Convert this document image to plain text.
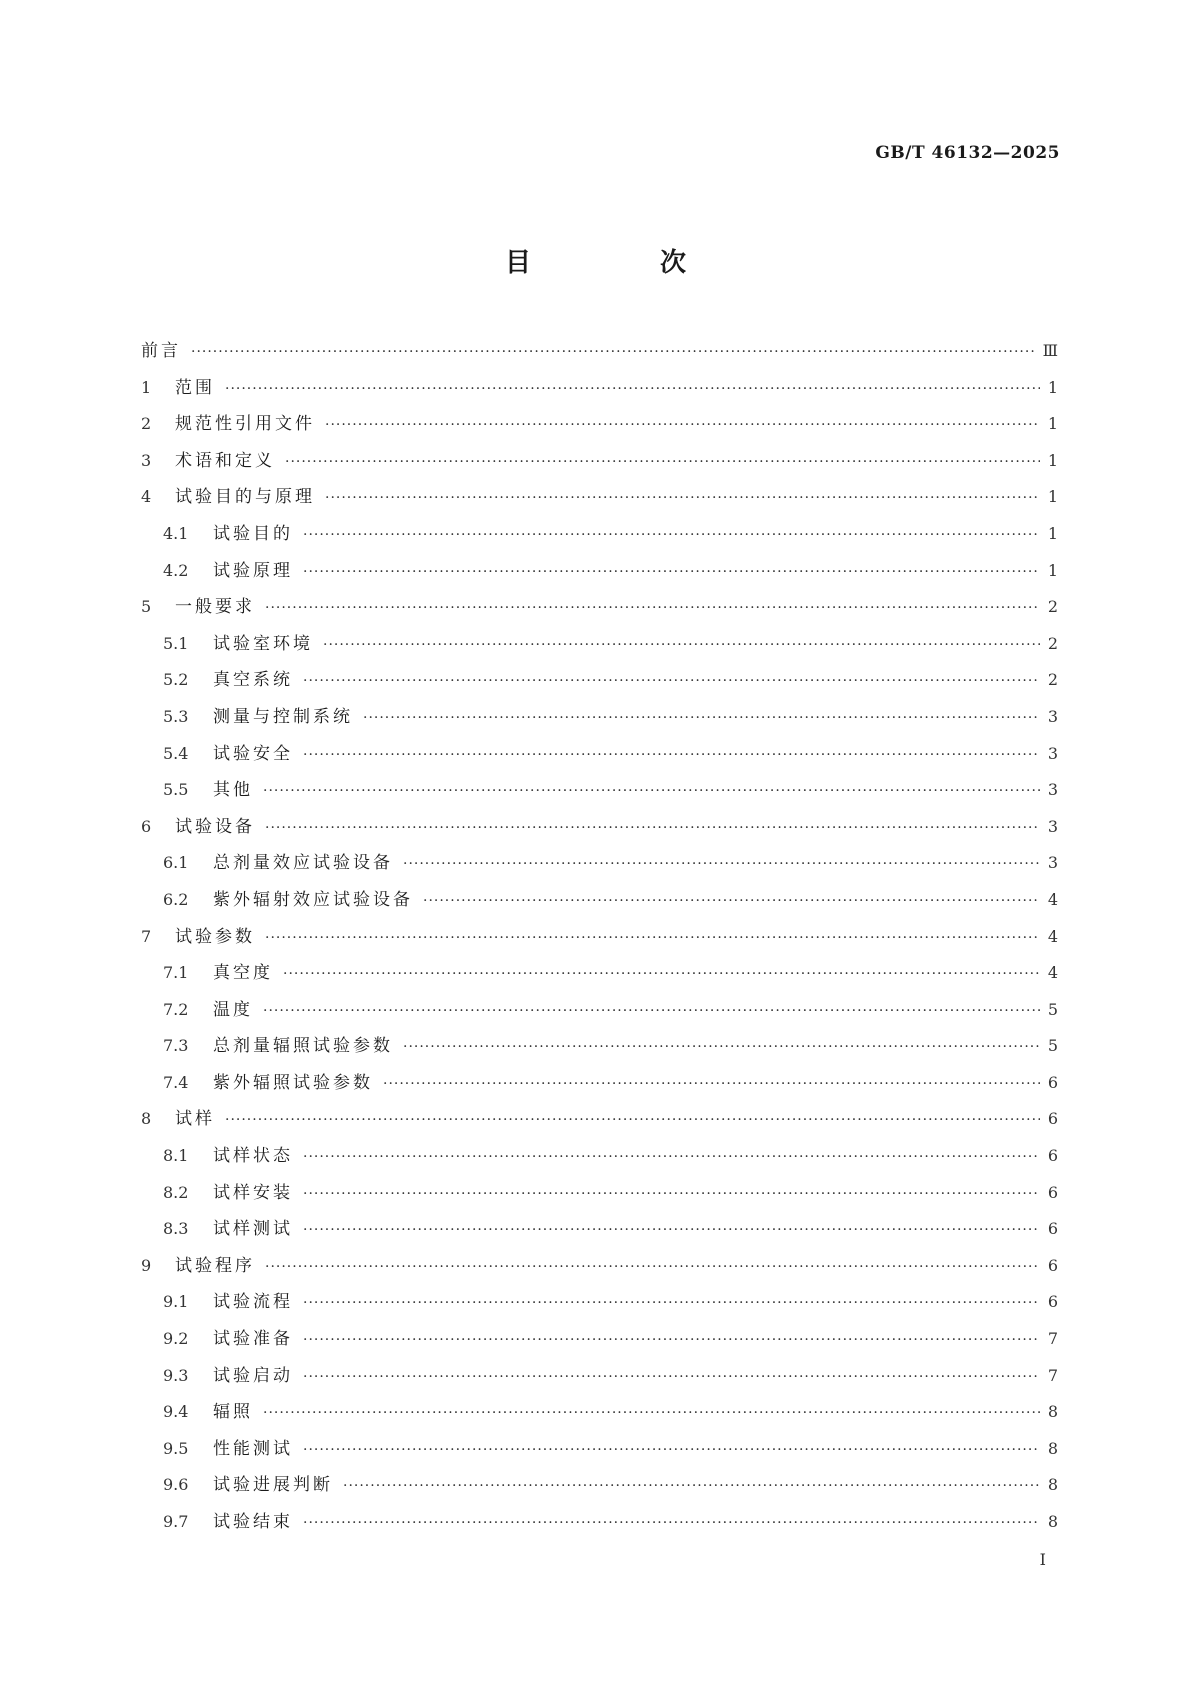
GB/T 46132—2025
目 次
前言 ·····	Ⅲ
1	范围 ·····	1
2	规范性引用文件 ·····	1
3	术语和定义 ·····	1
4	试验目的与原理 ·····	1
4.1	试验目的 ·····	1
4.2	试验原理 ·····	1
5	一般要求 ·····	2
5.1	试验室环境 ·····	2
5.2	真空系统 ·····	2
5.3	测量与控制系统 ·····	3
5.4	试验安全 ·····	3
5.5	其他 ·····	3
6	试验设备 ·····	3
6.1	总剂量效应试验设备 ·····	3
6.2	紫外辐射效应试验设备 ·····	4
7	试验参数 ·····	4
7.1	真空度 ·····	4
7.2	温度 ·····	5
7.3	总剂量辐照试验参数 ·····	5
7.4	紫外辐照试验参数 ·····	6
8	试样 ·····	6
8.1	试样状态 ·····	6
8.2	试样安装 ·····	6
8.3	试样测试 ·····	6
9	试验程序 ·····	6
9.1	试验流程 ·····	6
9.2	试验准备 ·····	7
9.3	试验启动 ·····	7
9.4	辐照 ·····	8
9.5	性能测试 ·····	8
9.6	试验进展判断 ·····	8
9.7	试验结束 ·····	8
I
